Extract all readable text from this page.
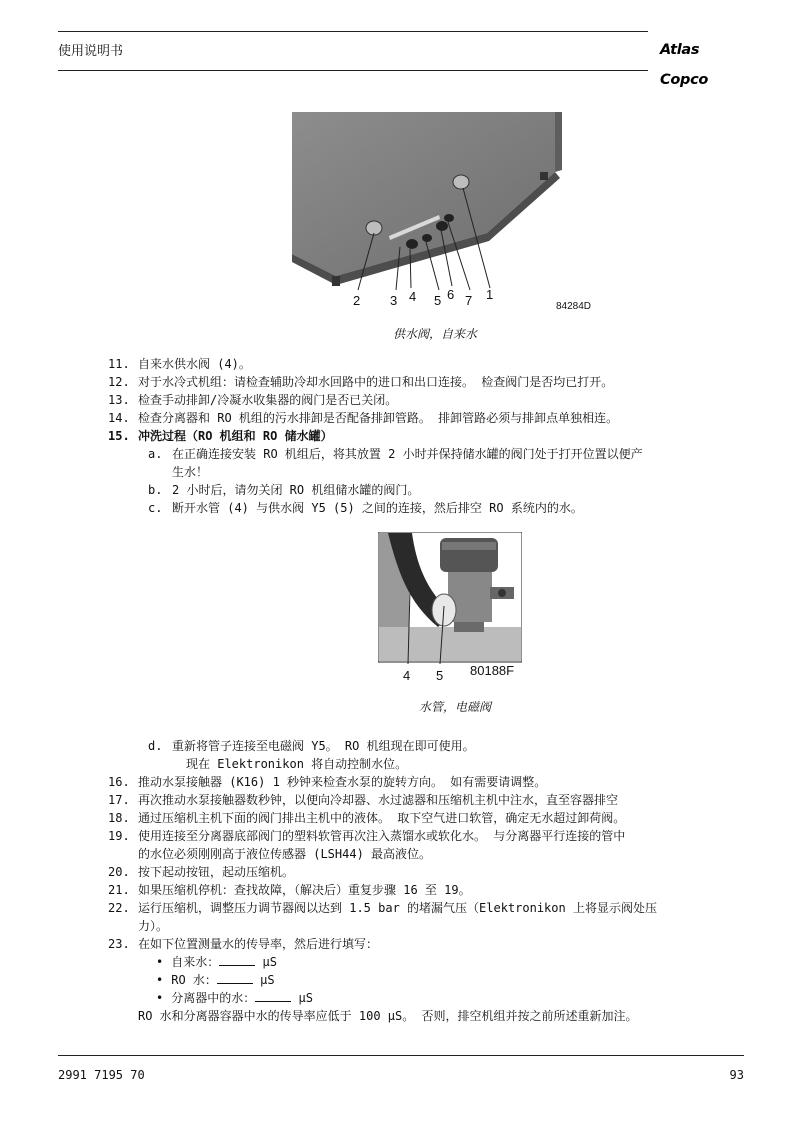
使用说明书	Atlas Copco
2 3 4 5 6 7 1
84284D
供水阀，自来水
11. 自来水供水阀 (4)。
12. 对于水冷式机组：请检查辅助冷却水回路中的进口和出口连接。 检查阀门是否均已打开。
13. 检查手动排卸/冷凝水收集器的阀门是否已关闭。
14. 检查分离器和 RO 机组的污水排卸是否配备排卸管路。 排卸管路必须与排卸点单独相连。
15. 冲洗过程（RO 机组和 RO 储水罐）
a. 在正确连接安装 RO 机组后，将其放置 2 小时并保持储水罐的阀门处于打开位置以便产
生水！
b. 2 小时后，请勿关闭 RO 机组储水罐的阀门。
c. 断开水管 (4) 与供水阀 Y5 (5) 之间的连接，然后排空 RO 系统内的水。
4 5 80188F
水管，电磁阀
d. 重新将管子连接至电磁阀 Y5。 RO 机组现在即可使用。
现在 Elektronikon 将自动控制水位。
16. 推动水泵接触器 (K16) 1 秒钟来检查水泵的旋转方向。 如有需要请调整。
17. 再次推动水泵接触器数秒钟，以便向冷却器、水过滤器和压缩机主机中注水，直至容器排空
18. 通过压缩机主机下面的阀门排出主机中的液体。 取下空气进口软管，确定无水超过卸荷阀。
19. 使用连接至分离器底部阀门的塑料软管再次注入蒸馏水或软化水。 与分离器平行连接的管中
的水位必须刚刚高于液位传感器 (LSH44) 最高液位。
20. 按下起动按钮，起动压缩机。
21. 如果压缩机停机：查找故障，（解决后）重复步骤 16 至 19。
22. 运行压缩机，调整压力调节器阀以达到 1.5 bar 的堵漏气压（Elektronikon 上将显示阀处压
力）。
23. 在如下位置测量水的传导率，然后进行填写：
• 自来水：	μS
• RO 水：	μS
• 分离器中的水：	μS
RO 水和分离器容器中水的传导率应低于 100 μS。 否则，排空机组并按之前所述重新加注。
2991 7195 70	93
